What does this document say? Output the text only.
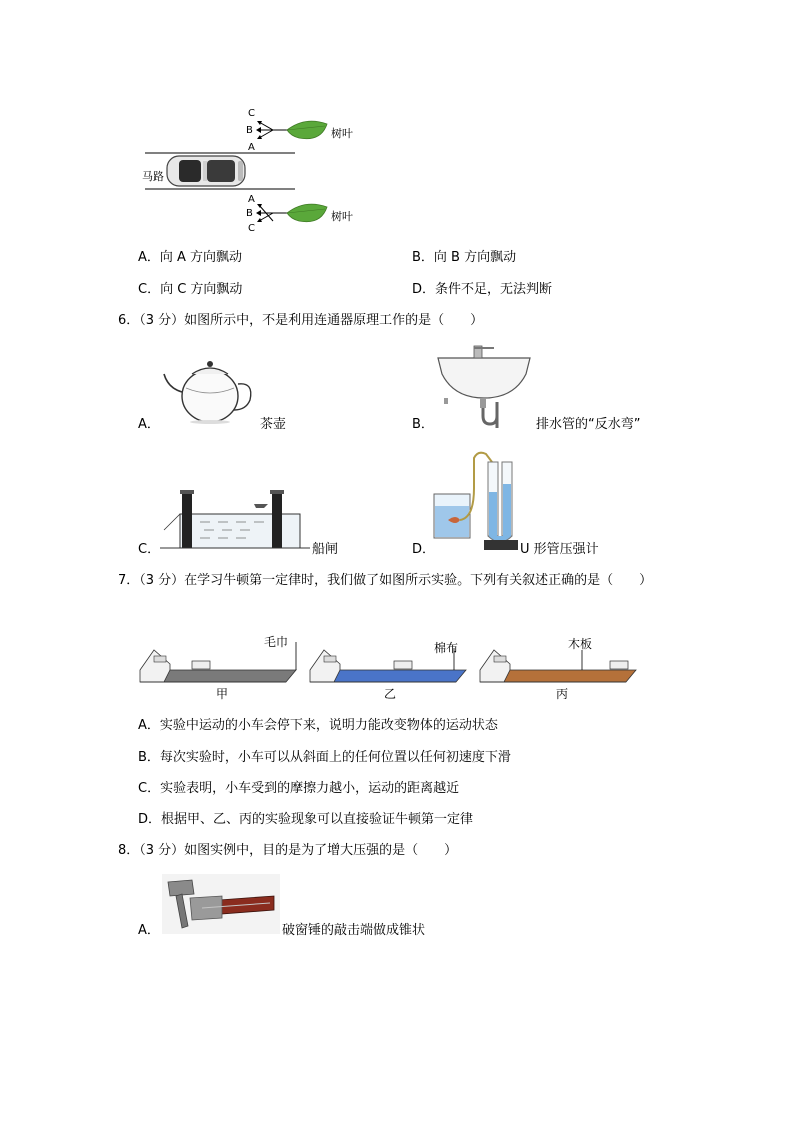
C
B
A
A
B
C
树叶
树叶
马路
A．向 A 方向飘动	B．向 B 方向飘动
C．向 C 方向飘动	D．条件不足，无法判断
6．（3 分）如图所示中，不是利用连通器原理工作的是（　　）
A．	茶壶	B．	排水管的“反水弯”
C．	船闸	D．	U 形管压强计
7．（3 分）在学习牛顿第一定律时，我们做了如图所示实验。下列有关叙述正确的是（　　）
毛巾
甲
棉布
乙
木板
丙
A．实验中运动的小车会停下来，说明力能改变物体的运动状态
B．每次实验时，小车可以从斜面上的任何位置以任何初速度下滑
C．实验表明，小车受到的摩擦力越小，运动的距离越近
D．根据甲、乙、丙的实验现象可以直接验证牛顿第一定律
8．（3 分）如图实例中，目的是为了增大压强的是（　　）
A．	破窗锤的敲击端做成锥状
